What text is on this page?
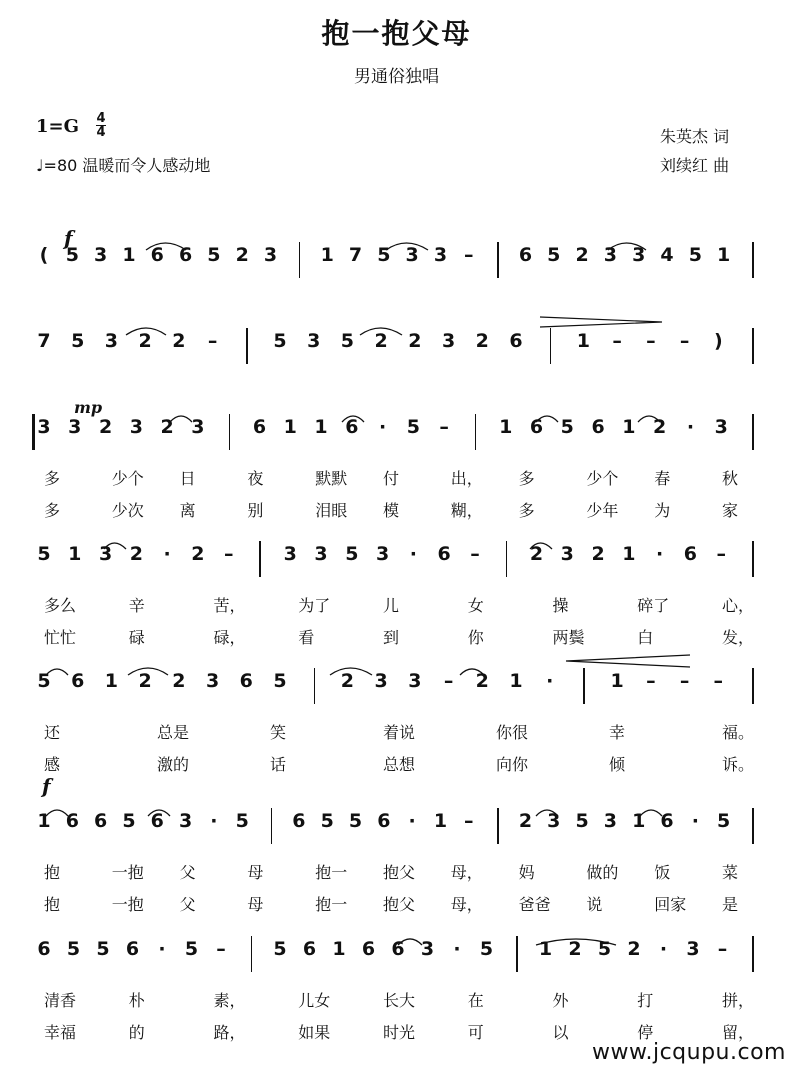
抱一抱父母
男通俗独唱
1=G 4
4
♩=80 温暖而令人感动地
朱英杰 词
刘续红 曲
f
mp
f
( 5 3 1 6 6 5 2 3 1 7 5 3 3 – 6 5 2 3 3 4 5 1
7 5 3 2 2 –	5 3 5 2 2 3 2 6	1 – – – )
3 3 2 3 2 3	6 1 1 6 · 5 –	1 6 5 6 1 2 · 3
多	少个 日	夜	默默 付	出， 多	少个 春	秋
多	少次 离	别	泪眼 模	糊， 多	少年 为	家
5 1 3 2 · 2 –	3 3 5 3 · 6 –	2 3 2 1 · 6 –
多么	辛	苦，	为了	儿	女	操	碎了	心，
忙忙	碌	碌，	看	到	你	两鬓	白	发，
5 6 1 2 2 3 6 5	2 3 3 – 2 1 ·	1 – – –
还	总是	笑	着说	你很	幸	福。
感	激的	话	总想	向你	倾	诉。
1 6 6 5 6 3 · 5 6 5 5 6 · 1 – 2 3 5 3 1 6 · 5
抱	一抱 父	母	抱一 抱父 母， 妈	做的 饭	菜
抱	一抱 父	母	抱一 抱父 母， 爸爸 说	回家 是
6 5 5 6 · 5 –	5 6 1 6 6 3 · 5 1 2 5 2 · 3 –
清香	朴	素，	儿女	长大	在	外	打	拼，
幸福	的	路，	如果	时光	可	以	停	留，
www.jcqupu.com
